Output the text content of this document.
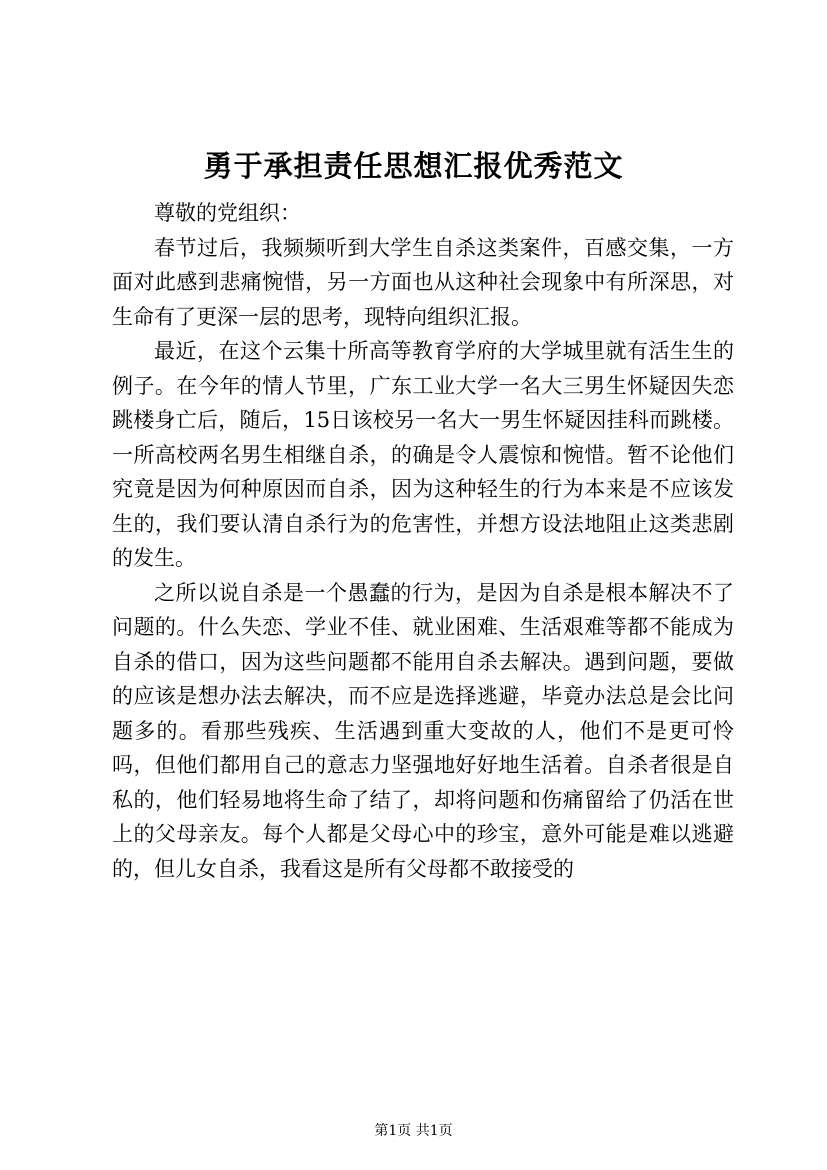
勇于承担责任思想汇报优秀范文

尊敬的党组织：

春节过后，我频频听到大学生自杀这类案件，百感交集，一方面对此感到悲痛惋惜，另一方面也从这种社会现象中有所深思，对生命有了更深一层的思考，现特向组织汇报。

最近，在这个云集十所高等教育学府的大学城里就有活生生的例子。在今年的情人节里，广东工业大学一名大三男生怀疑因失恋跳楼身亡后，随后，15日该校另一名大一男生怀疑因挂科而跳楼。一所高校两名男生相继自杀，的确是令人震惊和惋惜。暂不论他们究竟是因为何种原因而自杀，因为这种轻生的行为本来是不应该发生的，我们要认清自杀行为的危害性，并想方设法地阻止这类悲剧的发生。

之所以说自杀是一个愚蠢的行为，是因为自杀是根本解决不了问题的。什么失恋、学业不佳、就业困难、生活艰难等都不能成为自杀的借口，因为这些问题都不能用自杀去解决。遇到问题，要做的应该是想办法去解决，而不应是选择逃避，毕竟办法总是会比问题多的。看那些残疾、生活遇到重大变故的人，他们不是更可怜吗，但他们都用自己的意志力坚强地好好地生活着。自杀者很是自私的，他们轻易地将生命了结了，却将问题和伤痛留给了仍活在世上的父母亲友。每个人都是父母心中的珍宝，意外可能是难以逃避的，但儿女自杀，我看这是所有父母都不敢接受的

第1页 共1页
